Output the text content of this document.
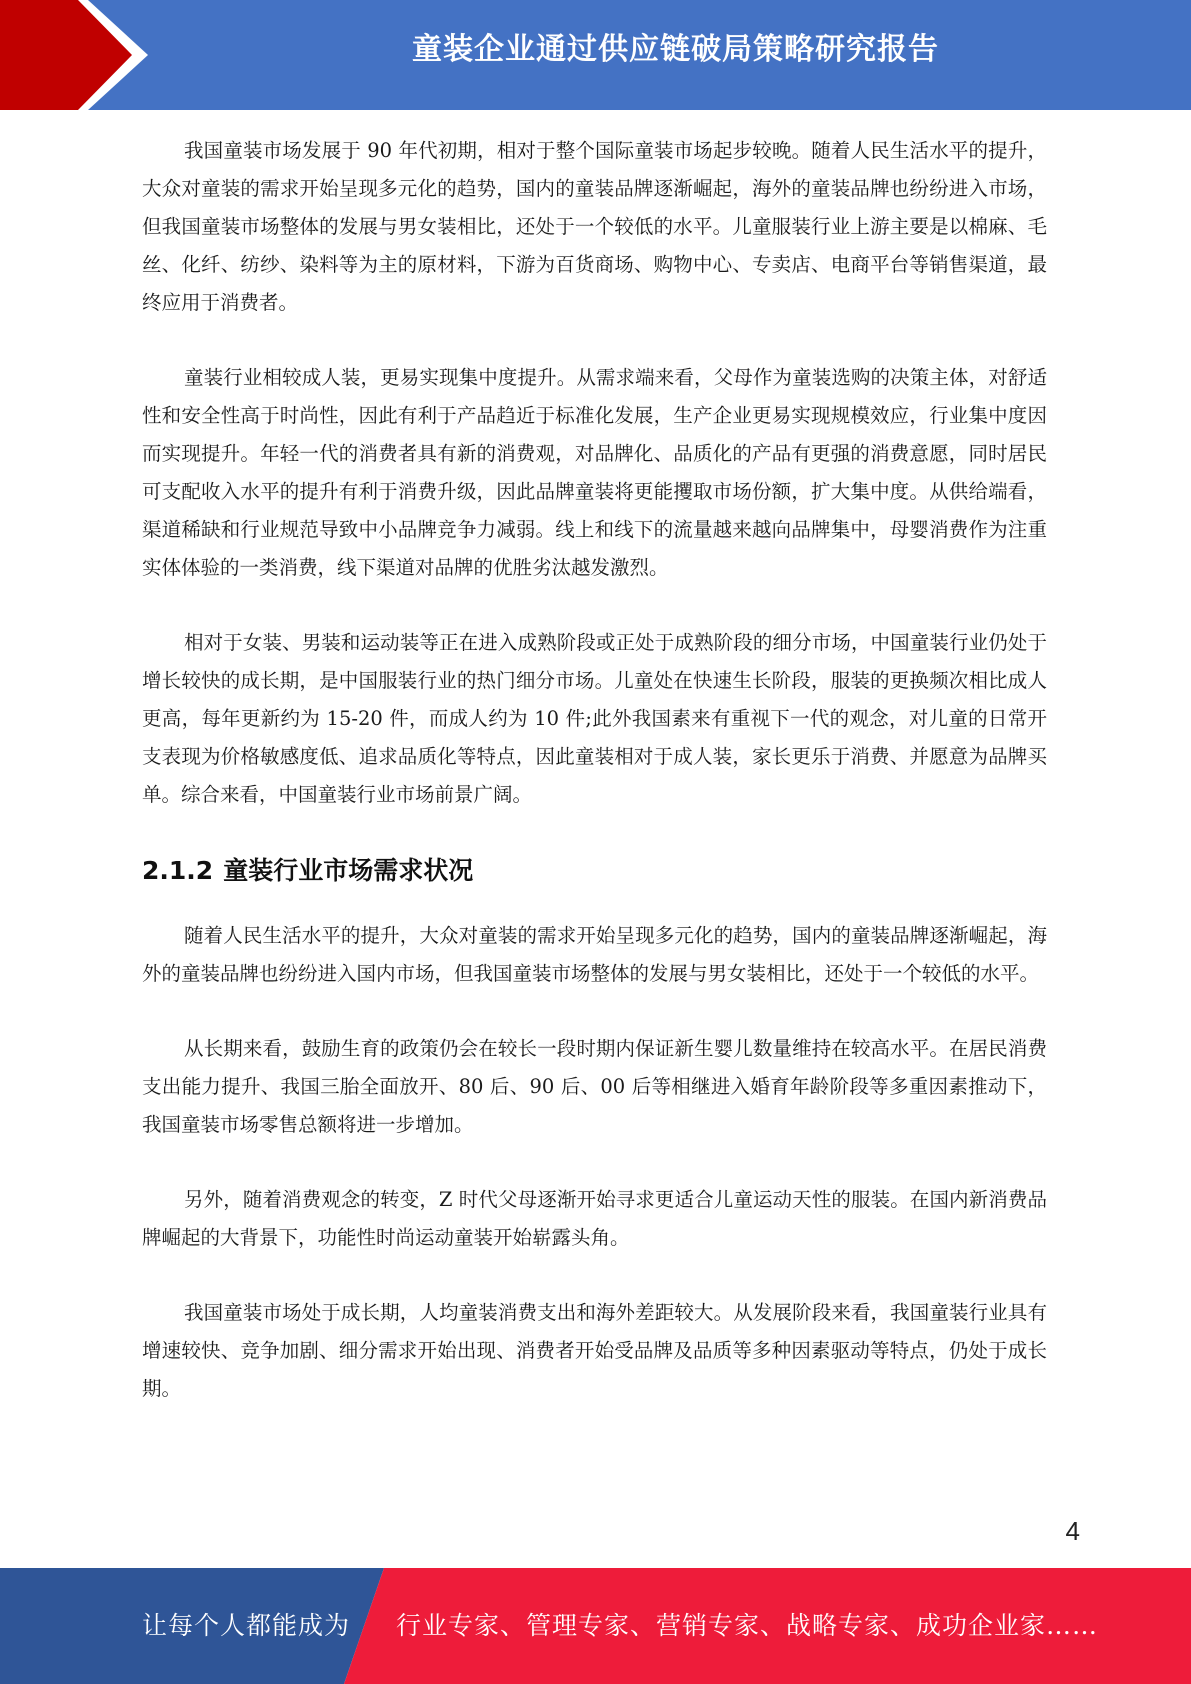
童装企业通过供应链破局策略研究报告

我国童装市场发展于 90 年代初期，相对于整个国际童装市场起步较晚。随着人民生活水平的提升，大众对童装的需求开始呈现多元化的趋势，国内的童装品牌逐渐崛起，海外的童装品牌也纷纷进入市场，但我国童装市场整体的发展与男女装相比，还处于一个较低的水平。儿童服装行业上游主要是以棉麻、毛丝、化纤、纺纱、染料等为主的原材料，下游为百货商场、购物中心、专卖店、电商平台等销售渠道，最终应用于消费者。

童装行业相较成人装，更易实现集中度提升。从需求端来看，父母作为童装选购的决策主体，对舒适性和安全性高于时尚性，因此有利于产品趋近于标准化发展，生产企业更易实现规模效应，行业集中度因而实现提升。年轻一代的消费者具有新的消费观，对品牌化、品质化的产品有更强的消费意愿，同时居民可支配收入水平的提升有利于消费升级，因此品牌童装将更能攫取市场份额，扩大集中度。从供给端看，渠道稀缺和行业规范导致中小品牌竞争力减弱。线上和线下的流量越来越向品牌集中，母婴消费作为注重实体体验的一类消费，线下渠道对品牌的优胜劣汰越发激烈。

相对于女装、男装和运动装等正在进入成熟阶段或正处于成熟阶段的细分市场，中国童装行业仍处于增长较快的成长期，是中国服装行业的热门细分市场。儿童处在快速生长阶段，服装的更换频次相比成人更高，每年更新约为 15-20 件，而成人约为 10 件;此外我国素来有重视下一代的观念，对儿童的日常开支表现为价格敏感度低、追求品质化等特点，因此童装相对于成人装，家长更乐于消费、并愿意为品牌买单。综合来看，中国童装行业市场前景广阔。

2.1.2 童装行业市场需求状况

随着人民生活水平的提升，大众对童装的需求开始呈现多元化的趋势，国内的童装品牌逐渐崛起，海外的童装品牌也纷纷进入国内市场，但我国童装市场整体的发展与男女装相比，还处于一个较低的水平。

从长期来看，鼓励生育的政策仍会在较长一段时期内保证新生婴儿数量维持在较高水平。在居民消费支出能力提升、我国三胎全面放开、80 后、90 后、00 后等相继进入婚育年龄阶段等多重因素推动下，我国童装市场零售总额将进一步增加。

另外，随着消费观念的转变，Z 时代父母逐渐开始寻求更适合儿童运动天性的服装。在国内新消费品牌崛起的大背景下，功能性时尚运动童装开始崭露头角。

我国童装市场处于成长期，人均童装消费支出和海外差距较大。从发展阶段来看，我国童装行业具有增速较快、竞争加剧、细分需求开始出现、消费者开始受品牌及品质等多种因素驱动等特点，仍处于成长期。

4
让每个人都能成为 行业专家、管理专家、营销专家、战略专家、成功企业家……
